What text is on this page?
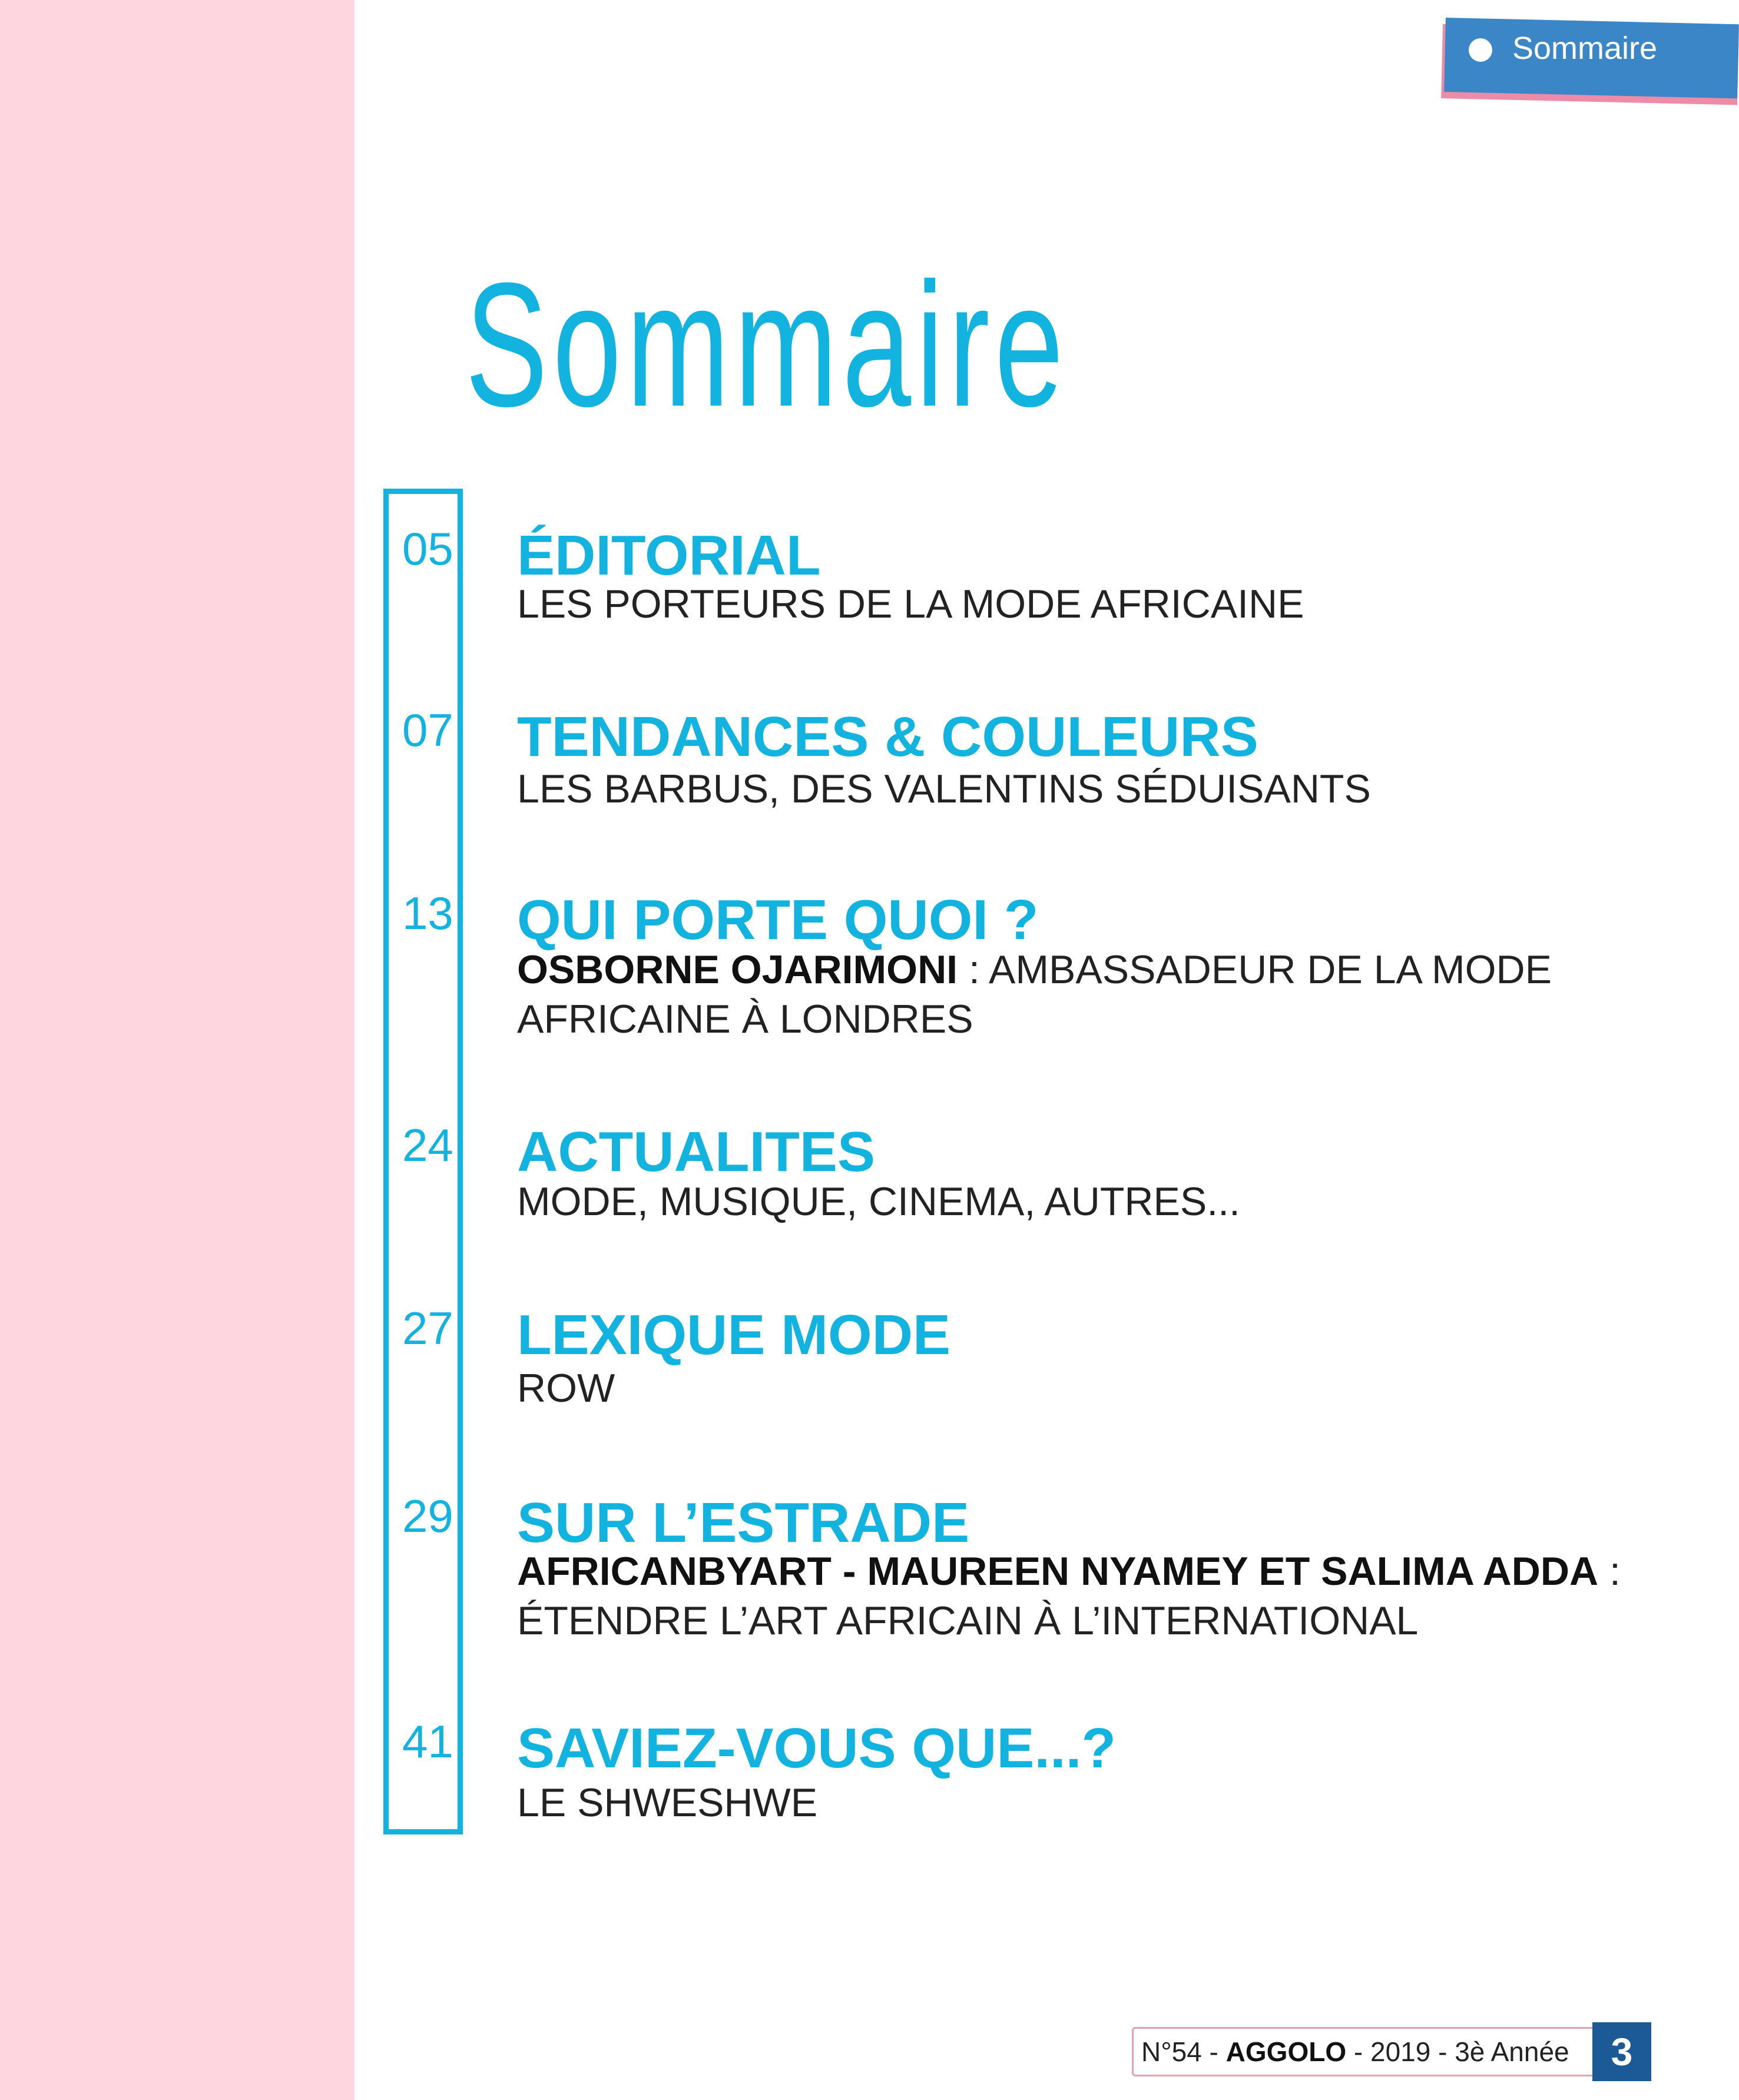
Sommaire
Sommaire
05 ÉDITORIAL
LES PORTEURS DE LA MODE AFRICAINE
07 TENDANCES & COULEURS
LES BARBUS, DES VALENTINS SÉDUISANTS
13 QUI PORTE QUOI ?
OSBORNE OJARIMONI : AMBASSADEUR DE LA MODE AFRICAINE À LONDRES
24 ACTUALITES
MODE, MUSIQUE, CINEMA, AUTRES...
27 LEXIQUE MODE
ROW
29 SUR L’ESTRADE
AFRICANBYART - MAUREEN NYAMEY ET SALIMA ADDA : ÉTENDRE L’ART AFRICAIN À L’INTERNATIONAL
41 SAVIEZ-VOUS QUE...?
LE SHWESHWE
N°54 - AGGOLO - 2019 - 3è Année	3
